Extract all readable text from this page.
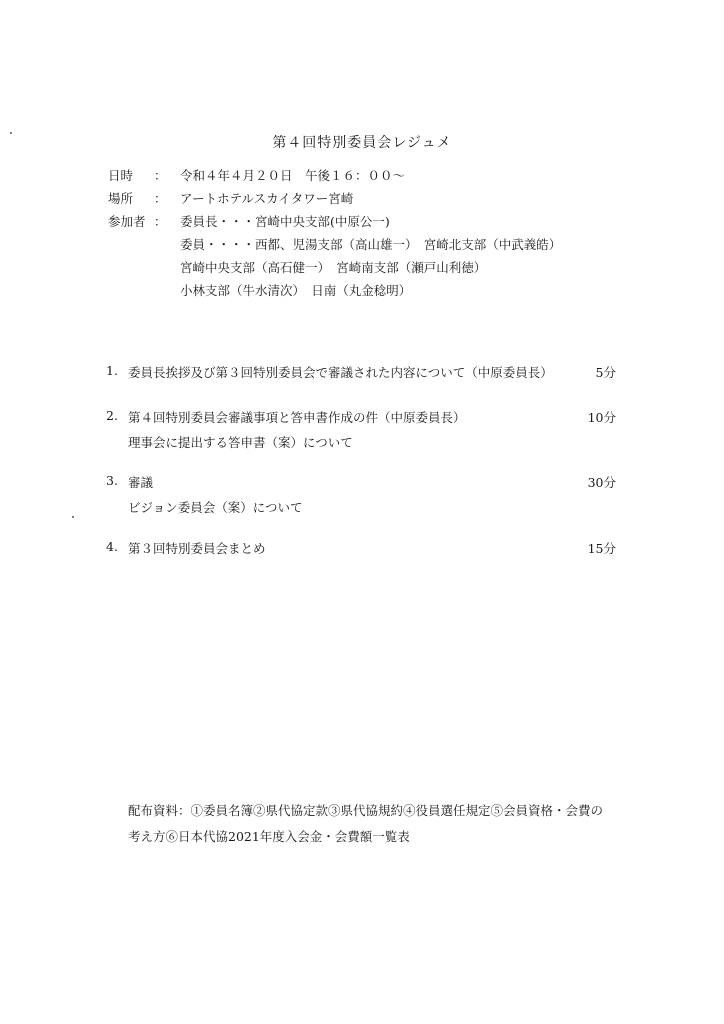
第４回特別委員会レジュメ
日時	：	令和４年４月２０日　午後１６：００～
場所	：	アートホテルスカイタワー宮崎
参加者 ：	委員長・・・宮崎中央支部(中原公一)
委員・・・・西都、児湯支部（高山雄一）　宮崎北支部（中武義皓）
宮崎中央支部（高石健一）　宮崎南支部（瀬戸山利徳）
小林支部（牛水清次）　日南（丸金稔明）
1. 委員長挨拶及び第３回特別委員会で審議された内容について（中原委員長）	5分
2. 第４回特別委員会審議事項と答申書作成の件（中原委員長）	10分
理事会に提出する答申書（案）について
3. 審議	30分
ビジョン委員会（案）について
4. 第３回特別委員会まとめ	15分
配布資料：①委員名簿②県代協定款③県代協規約④役員選任規定⑤会員資格・会費の
考え方⑥日本代協2021年度入会金・会費額一覧表
